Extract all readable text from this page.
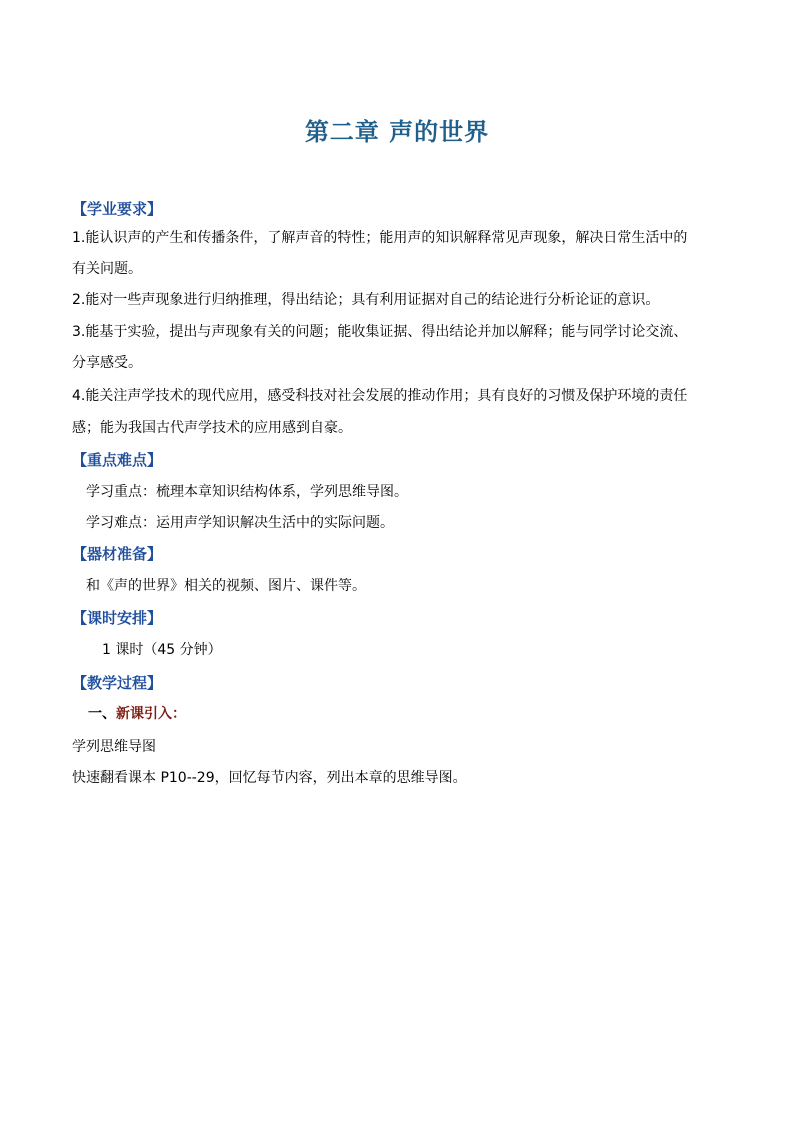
第二章 声的世界
【学业要求】
1.能认识声的产生和传播条件，了解声音的特性；能用声的知识解释常见声现象，解决日常生活中的
有关问题。
2.能对一些声现象进行归纳推理，得出结论；具有利用证据对自己的结论进行分析论证的意识。
3.能基于实验，提出与声现象有关的问题；能收集证据、得出结论并加以解释；能与同学讨论交流、
分享感受。
4.能关注声学技术的现代应用，感受科技对社会发展的推动作用；具有良好的习惯及保护环境的责任
感；能为我国古代声学技术的应用感到自豪。
【重点难点】
学习重点：梳理本章知识结构体系，学列思维导图。
学习难点：运用声学知识解决生活中的实际问题。
【器材准备】
和《声的世界》相关的视频、图片、课件等。
【课时安排】
1 课时（45 分钟）
【教学过程】
一、新课引入：
学列思维导图
快速翻看课本 P10--29，回忆每节内容，列出本章的思维导图。
